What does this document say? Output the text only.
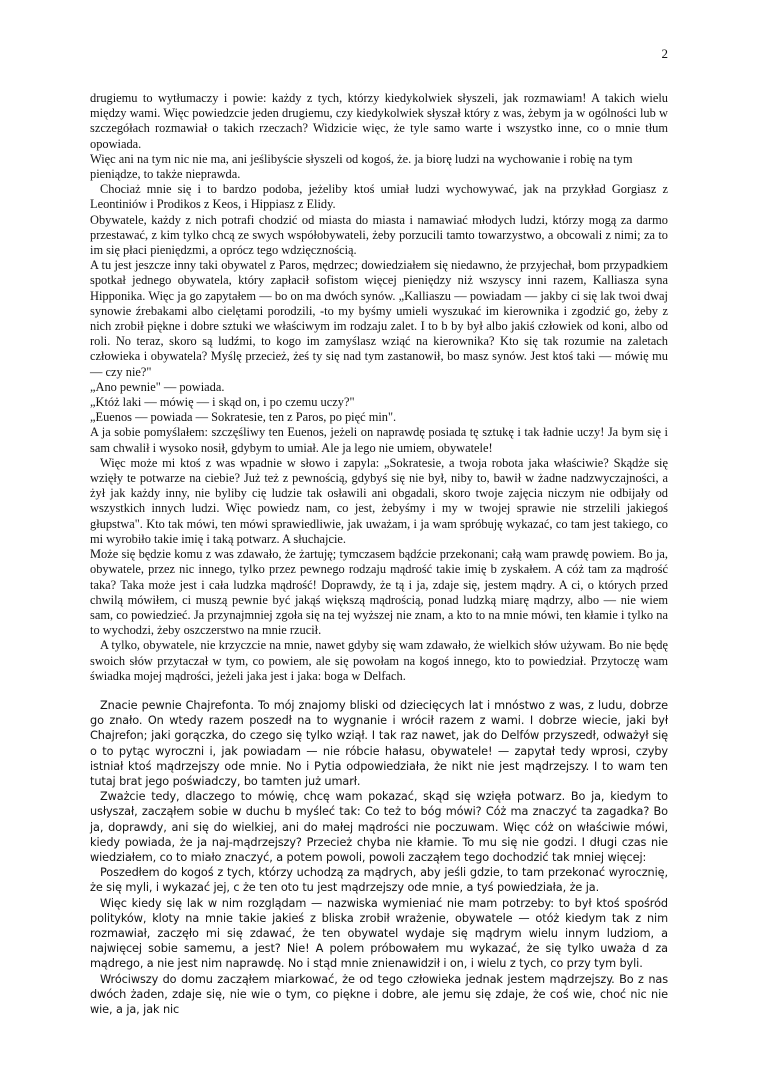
2

drugiemu to wytłumaczy i powie: każdy z tych, którzy kiedykolwiek słyszeli, jak rozmawiam! A takich wielu między wami. Więc powiedzcie jeden drugiemu, czy kiedykolwiek słyszał który z was, żebym ja w ogólności lub w szczegółach rozmawiał o takich rzeczach? Widzicie więc, że tyle samo warte i wszystko inne, co o mnie tłum opowiada.

Więc ani na tym nic nie ma, ani jeślibyście słyszeli od kogoś, że. ja biorę ludzi na wychowanie i robię na tym pieniądze, to także nieprawda.

Chociaż mnie się i to bardzo podoba, jeżeliby ktoś umiał ludzi wychowywać, jak na przykład Gorgiasz z Leontiniów i Prodikos z Keos, i Hippiasz z Elidy.

Obywatele, każdy z nich potrafi chodzić od miasta do miasta i namawiać młodych ludzi, którzy mogą za darmo przestawać, z kim tylko chcą ze swych współobywateli, żeby porzucili tamto towarzystwo, a obcowali z nimi; za to im się płaci pieniędzmi, a oprócz tego wdzięcznością.

A tu jest jeszcze inny taki obywatel z Paros, mędrzec; dowiedziałem się niedawno, że przyjechał, bom przypadkiem spotkał jednego obywatela, który zapłacił sofistom więcej pieniędzy niż wszyscy inni razem, Kalliasza syna Hipponika. Więc ja go zapytałem — bo on ma dwóch synów. „Kalliaszu — powiadam — jakby ci się lak twoi dwaj synowie źrebakami albo cielętami porodzili, -to my byśmy umieli wyszukać im kierownika i zgodzić go, żeby z nich zrobił piękne i dobre sztuki we właściwym im rodzaju zalet. I to b by był albo jakiś człowiek od koni, albo od roli. No teraz, skoro są ludźmi, to kogo im zamyślasz wziąć na kierownika? Kto się tak rozumie na zaletach człowieka i obywatela? Myślę przecież, żeś ty się nad tym zastanowił, bo masz synów. Jest ktoś taki — mówię mu — czy nie?"

„Ano pewnie" — powiada.

„Któż laki — mówię — i skąd on, i po czemu uczy?"

„Euenos — powiada — Sokratesie, ten z Paros, po pięć min".

A ja sobie pomyślałem: szczęśliwy ten Euenos, jeżeli on naprawdę posiada tę sztukę i tak ładnie uczy! Ja bym się i sam chwalił i wysoko nosił, gdybym to umiał. Ale ja lego nie umiem, obywatele!

Więc może mi ktoś z was wpadnie w słowo i zapyla: „Sokratesie, a twoja robota jaka właściwie? Skądże się wzięły te potwarze na ciebie? Już też z pewnością, gdybyś się nie był, niby to, bawił w żadne nadzwyczajności, a żył jak każdy inny, nie byliby cię ludzie tak osławili ani obgadali, skoro twoje zajęcia niczym nie odbijały od wszystkich innych ludzi. Więc powiedz nam, co jest, żebyśmy i my w twojej sprawie nie strzelili jakiegoś głupstwa". Kto tak mówi, ten mówi sprawiedliwie, jak uważam, i ja wam spróbuję wykazać, co tam jest takiego, co mi wyrobiło takie imię i taką potwarz. A słuchajcie.

Może się będzie komu z was zdawało, że żartuję; tymczasem bądźcie przekonani; całą wam prawdę powiem. Bo ja, obywatele, przez nic innego, tylko przez pewnego rodzaju mądrość takie imię b zyskałem. A cóż tam za mądrość taka? Taka może jest i cała ludzka mądrość! Doprawdy, że tą i ja, zdaje się, jestem mądry. A ci, o których przed chwilą mówiłem, ci muszą pewnie być jakąś większą mądrością, ponad ludzką miarę mądrzy, albo — nie wiem sam, co powiedzieć. Ja przynajmniej zgoła się na tej wyższej nie znam, a kto to na mnie mówi, ten kłamie i tylko na to wychodzi, żeby oszczerstwo na mnie rzucił.

A tylko, obywatele, nie krzyczcie na mnie, nawet gdyby się wam zdawało, że wielkich słów używam. Bo nie będę swoich słów przytaczał w tym, co powiem, ale się powołam na kogoś innego, kto to powiedział. Przytoczę wam świadka mojej mądrości, jeżeli jaka jest i jaka: boga w Delfach.

Znacie pewnie Chajrefonta. To mój znajomy bliski od dziecięcych lat i mnóstwo z was, z ludu, dobrze go znało. On wtedy razem poszedł na to wygnanie i wrócił razem z wami. I dobrze wiecie, jaki był Chajrefon; jaki gorączka, do czego się tylko wziął. I tak raz nawet, jak do Delfów przyszedł, odważył się o to pytąc wyroczni i, jak powiadam — nie róbcie hałasu, obywatele! — zapytał tedy wprosi, czyby istniał ktoś mądrzejszy ode mnie. No i Pytia odpowiedziała, że nikt nie jest mądrzejszy. I to wam ten tutaj brat jego poświadczy, bo tamten już umarł.

Zważcie tedy, dlaczego to mówię, chcę wam pokazać, skąd się wzięła potwarz. Bo ja, kiedym to usłyszał, zacząłem sobie w duchu b myśleć tak: Co też to bóg mówi? Cóż ma znaczyć ta zagadka? Bo ja, doprawdy, ani się do wielkiej, ani do małej mądrości nie poczuwam. Więc cóż on właściwie mówi, kiedy powiada, że ja naj-mądrzejszy? Przecież chyba nie kłamie. To mu się nie godzi. I długi czas nie wiedziałem, co to miało znaczyć, a potem powoli, powoli zacząłem tego dochodzić tak mniej więcej:

Poszedłem do kogoś z tych, którzy uchodzą za mądrych, aby jeśli gdzie, to tam przekonać wyrocznię, że się myli, i wykazać jej, c że ten oto tu jest mądrzejszy ode mnie, a tyś powiedziała, że ja.

Więc kiedy się lak w nim rozglądam — nazwiska wymieniać nie mam potrzeby: to był ktoś spośród polityków, kloty na mnie takie jakieś z bliska zrobił wrażenie, obywatele — otóż kiedym tak z nim rozmawiał, zaczęło mi się zdawać, że ten obywatel wydaje się mądrym wielu innym ludziom, a najwięcej sobie samemu, a jest? Nie! A polem próbowałem mu wykazać, że się tylko uważa d za mądrego, a nie jest nim naprawdę. No i stąd mnie znienawidził i on, i wielu z tych, co przy tym byli.

Wróciwszy do domu zacząłem miarkować, że od tego człowieka jednak jestem mądrzejszy. Bo z nas dwóch żaden, zdaje się, nie wie o tym, co piękne i dobre, ale jemu się zdaje, że coś wie, choć nic nie wie, a ja, jak nic
